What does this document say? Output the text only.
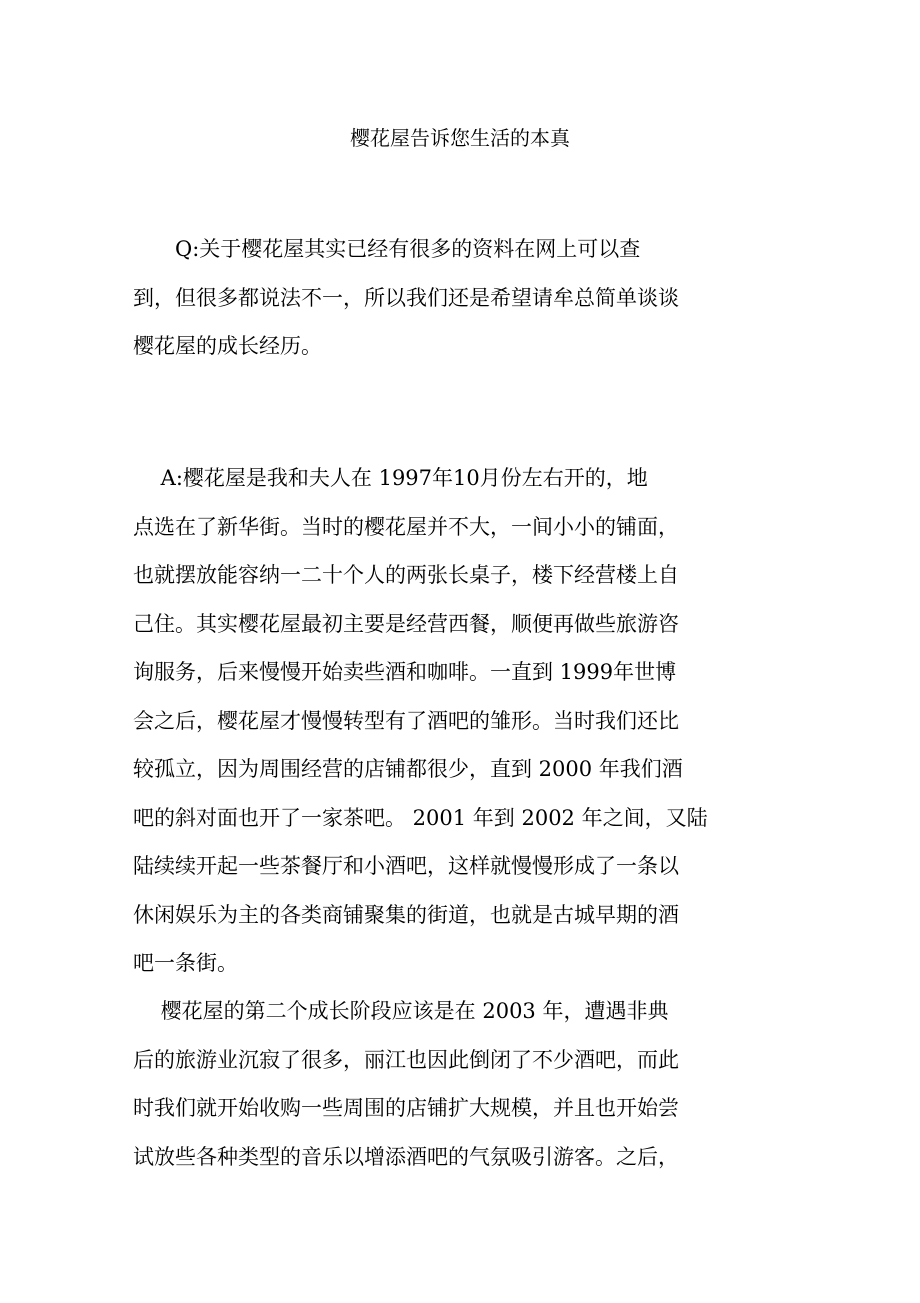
樱花屋告诉您生活的本真
　　Q:关于樱花屋其实已经有很多的资料在网上可以查
到，但很多都说法不一，所以我们还是希望请牟总简单谈谈
樱花屋的成长经历。
　 A:樱花屋是我和夫人在 1997年10月份左右开的，地
点选在了新华街。当时的樱花屋并不大，一间小小的铺面，
也就摆放能容纳一二十个人的两张长桌子，楼下经营楼上自
己住。其实樱花屋最初主要是经营西餐，顺便再做些旅游咨
询服务，后来慢慢开始卖些酒和咖啡。一直到 1999年世博
会之后，樱花屋才慢慢转型有了酒吧的雏形。当时我们还比
较孤立，因为周围经营的店铺都很少，直到 2000 年我们酒
吧的斜对面也开了一家茶吧。 2001 年到 2002 年之间，又陆
陆续续开起一些茶餐厅和小酒吧，这样就慢慢形成了一条以
休闲娱乐为主的各类商铺聚集的街道，也就是古城早期的酒
吧一条街。
　 樱花屋的第二个成长阶段应该是在 2003 年，遭遇非典
后的旅游业沉寂了很多，丽江也因此倒闭了不少酒吧，而此
时我们就开始收购一些周围的店铺扩大规模，并且也开始尝
试放些各种类型的音乐以增添酒吧的气氛吸引游客。之后，
